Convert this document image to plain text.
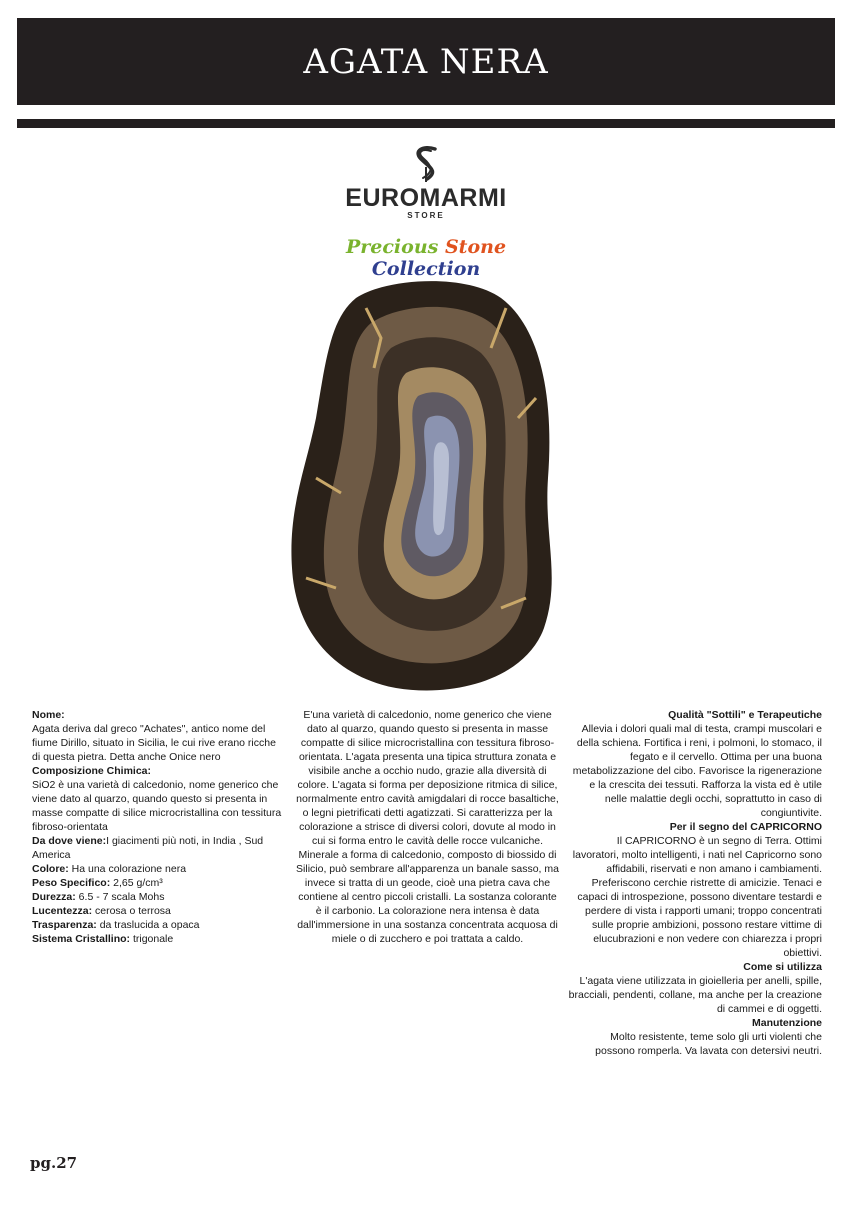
AGATA NERA
EUROMARMI
STORE
Precious Stone Collection

Nome:

Agata deriva dal greco "Achates", antico nome del fiume Dirillo, situato in Sicilia, le cui rive erano ricche di questa pietra. Detta anche Onice nero

Composizione Chimica:

SiO2 è una varietà di calcedonio, nome generico che viene dato al quarzo, quando questo si presenta in masse compatte di silice microcristallina con tessitura fibroso-orientata

Da dove viene:I giacimenti più noti, in India , Sud America

Colore: Ha una colorazione nera

Peso Specifico: 2,65 g/cm³

Durezza: 6.5 - 7 scala Mohs

Lucentezza: cerosa o terrosa

Trasparenza: da traslucida a opaca

Sistema Cristallino: trigonale

E'una varietà di calcedonio, nome generico che viene dato al quarzo, quando questo si presenta in masse compatte di silice microcristallina con tessitura fibroso-orientata. L'agata presenta una tipica struttura zonata e visibile anche a occhio nudo, grazie alla diversità di colore. L'agata si forma per deposizione ritmica di silice, normalmente entro cavità amigdalari di rocce basaltiche, o legni pietrificati detti agatizzati. Si caratterizza per la colorazione a strisce di diversi colori, dovute al modo in cui si forma entro le cavità delle rocce vulcaniche. Minerale a forma di calcedonio, composto di biossido di Silicio, può sembrare all'apparenza un banale sasso, ma invece si tratta di un geode, cioè una pietra cava che contiene al centro piccoli cristalli. La sostanza colorante è il carbonio. La colorazione nera intensa è data dall'immersione in una sostanza concentrata acquosa di miele o di zucchero e poi trattata a caldo.

Qualità "Sottili" e Terapeutiche

Allevia i dolori quali mal di testa, crampi muscolari e della schiena. Fortifica i reni, i polmoni, lo stomaco, il fegato e il cervello. Ottima per una buona metabolizzazione del cibo. Favorisce la rigenerazione e la crescita dei tessuti. Rafforza la vista ed è utile nelle malattie degli occhi, soprattutto in caso di congiuntivite.

Per il segno del CAPRICORNO

Il CAPRICORNO è un segno di Terra. Ottimi lavoratori, molto intelligenti, i nati nel Capricorno sono affidabili, riservati e non amano i cambiamenti. Preferiscono cerchie ristrette di amicizie. Tenaci e capaci di introspezione, possono diventare testardi e perdere di vista i rapporti umani; troppo concentrati sulle proprie ambizioni, possono restare vittime di elucubrazioni e non vedere con chiarezza i propri obiettivi.

Come si utilizza

L'agata viene utilizzata in gioielleria per anelli, spille, bracciali, pendenti, collane, ma anche per la creazione di cammei e di oggetti.

Manutenzione

Molto resistente, teme solo gli urti violenti che possono romperla. Va lavata con detersivi neutri.

pg.27
